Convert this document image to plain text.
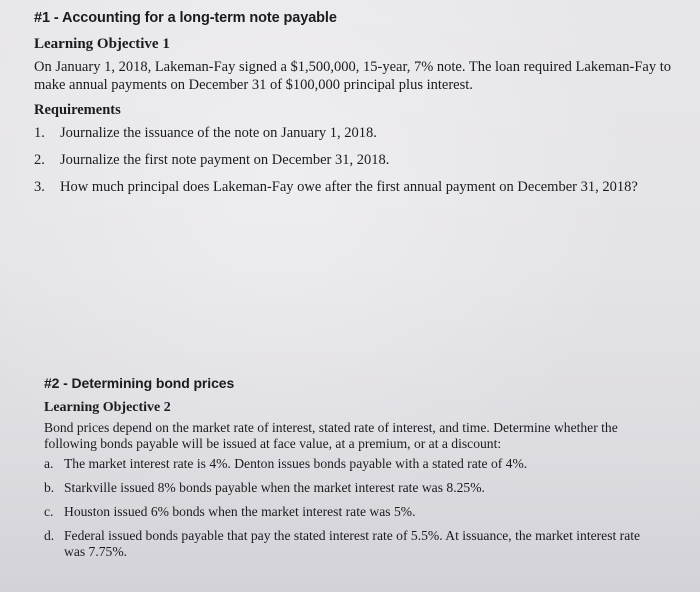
#1 - Accounting for a long-term note payable
Learning Objective 1
On January 1, 2018, Lakeman-Fay signed a $1,500,000, 15-year, 7% note. The loan required Lakeman-Fay to make annual payments on December 31 of $100,000 principal plus interest.
Requirements
1.	Journalize the issuance of the note on January 1, 2018.
2.	Journalize the first note payment on December 31, 2018.
3.	How much principal does Lakeman-Fay owe after the first annual payment on December 31, 2018?
#2 - Determining bond prices
Learning Objective 2
Bond prices depend on the market rate of interest, stated rate of interest, and time. Determine whether the following bonds payable will be issued at face value, at a premium, or at a discount:
a. The market interest rate is 4%. Denton issues bonds payable with a stated rate of 4%.
b. Starkville issued 8% bonds payable when the market interest rate was 8.25%.
c. Houston issued 6% bonds when the market interest rate was 5%.
d. Federal issued bonds payable that pay the stated interest rate of 5.5%. At issuance, the market interest rate was 7.75%.
